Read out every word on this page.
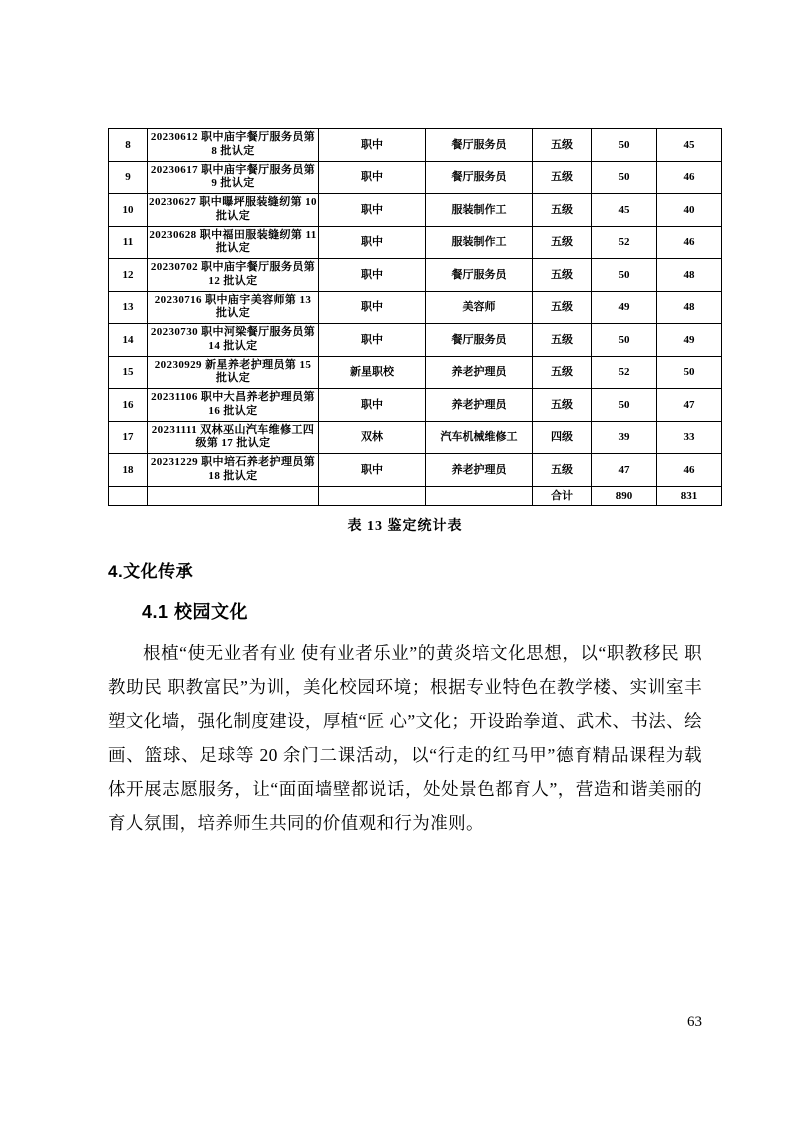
8	20230612 职中庙宇餐厅服务员第 8 批认定	职中	餐厅服务员	五级	50	45
9	20230617 职中庙宇餐厅服务员第 9 批认定	职中	餐厅服务员	五级	50	46
10	20230627 职中曝坪服装缝纫第 10 批认定	职中	服装制作工	五级	45	40
11	20230628 职中福田服装缝纫第 11 批认定	职中	服装制作工	五级	52	46
12	20230702 职中庙宇餐厅服务员第 12 批认定	职中	餐厅服务员	五级	50	48
13	20230716 职中庙宇美容师第 13 批认定	职中	美容师	五级	49	48
14	20230730 职中河梁餐厅服务员第 14 批认定	职中	餐厅服务员	五级	50	49
15	20230929 新星养老护理员第 15 批认定	新星职校	养老护理员	五级	52	50
16	20231106 职中大昌养老护理员第 16 批认定	职中	养老护理员	五级	50	47
17	20231111 双林巫山汽车维修工四级第 17 批认定	双林	汽车机械维修工	四级	39	33
18	20231229 职中培石养老护理员第 18 批认定	职中	养老护理员	五级	47	46
				合计	890	831
表 13 鉴定统计表
4.文化传承
4.1 校园文化

根植“使无业者有业 使有业者乐业”的黄炎培文化思想，以“职教移民 职教助民 职教富民”为训，美化校园环境；根据专业特色在教学楼、实训室丰塑文化墙，强化制度建设，厚植“匠 心”文化；开设跆拳道、武术、书法、绘画、篮球、足球等 20 余门二课活动，以“行走的红马甲”德育精品课程为载体开展志愿服务，让“面面墙壁都说话，处处景色都育人”，营造和谐美丽的育人氛围，培养师生共同的价值观和行为准则。

63
